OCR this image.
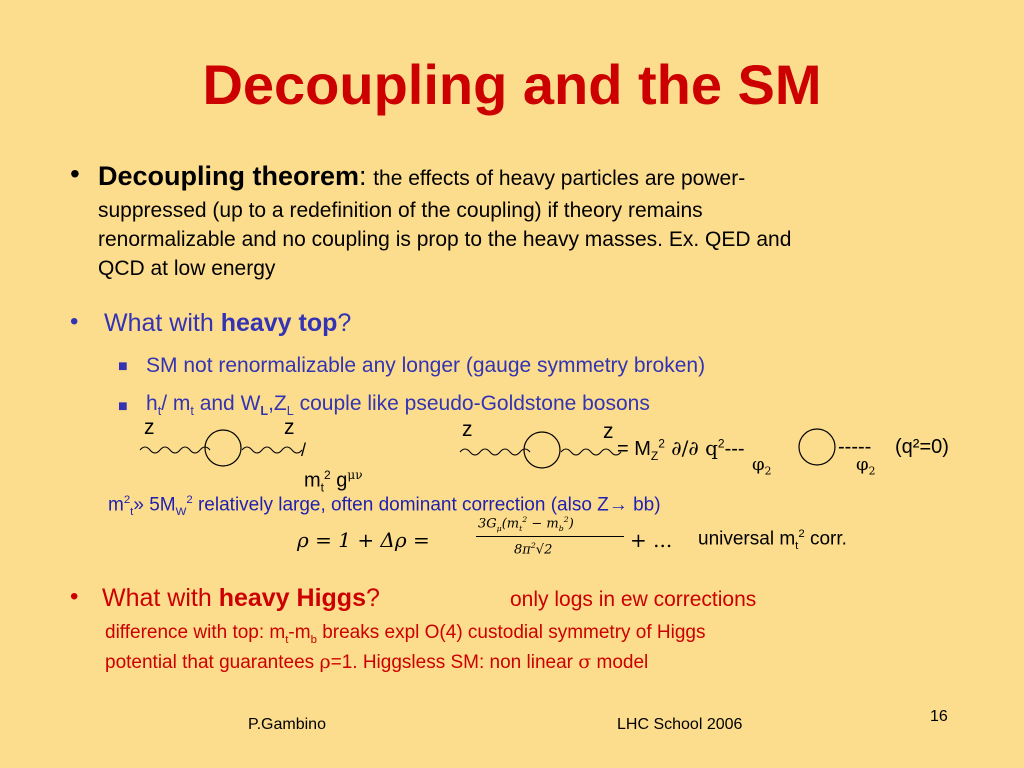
Decoupling and the SM
• Decoupling theorem: the effects of heavy particles are power-
suppressed (up to a redefinition of the coupling) if theory remains
renormalizable and no coupling is prop to the heavy masses. Ex. QED and
QCD at low energy
• What with heavy top?
■ SM not renormalizable any longer (gauge symmetry broken)
■ $h_t/$ $m_t$ and $W_L,Z_L$ couple like pseudo-Goldstone bosons
z	z
/
$m_t^2$ $g^{\mu\nu}$
z	z
= $M_Z^2$ ∂/∂ $q^2---$	----- (q²=0)
$\varphi_2$	$\varphi_2$
$m^2_t$» $5M_W^2$ relatively large, often dominant correction (also Z→ bb)
ρ = 1 + Δρ =
$3G_\mu(m_t^2 - m_b^2)$
$8\pi^2√2$	+ ... universal $m_t^2$ corr.
• What with heavy Higgs?	only logs in ew corrections
difference with top: $m_t-m_b$ breaks expl O(4) custodial symmetry of Higgs
potential that guarantees ρ=1. Higgsless SM: non linear σ model
P.Gambino	LHC School 2006	16
